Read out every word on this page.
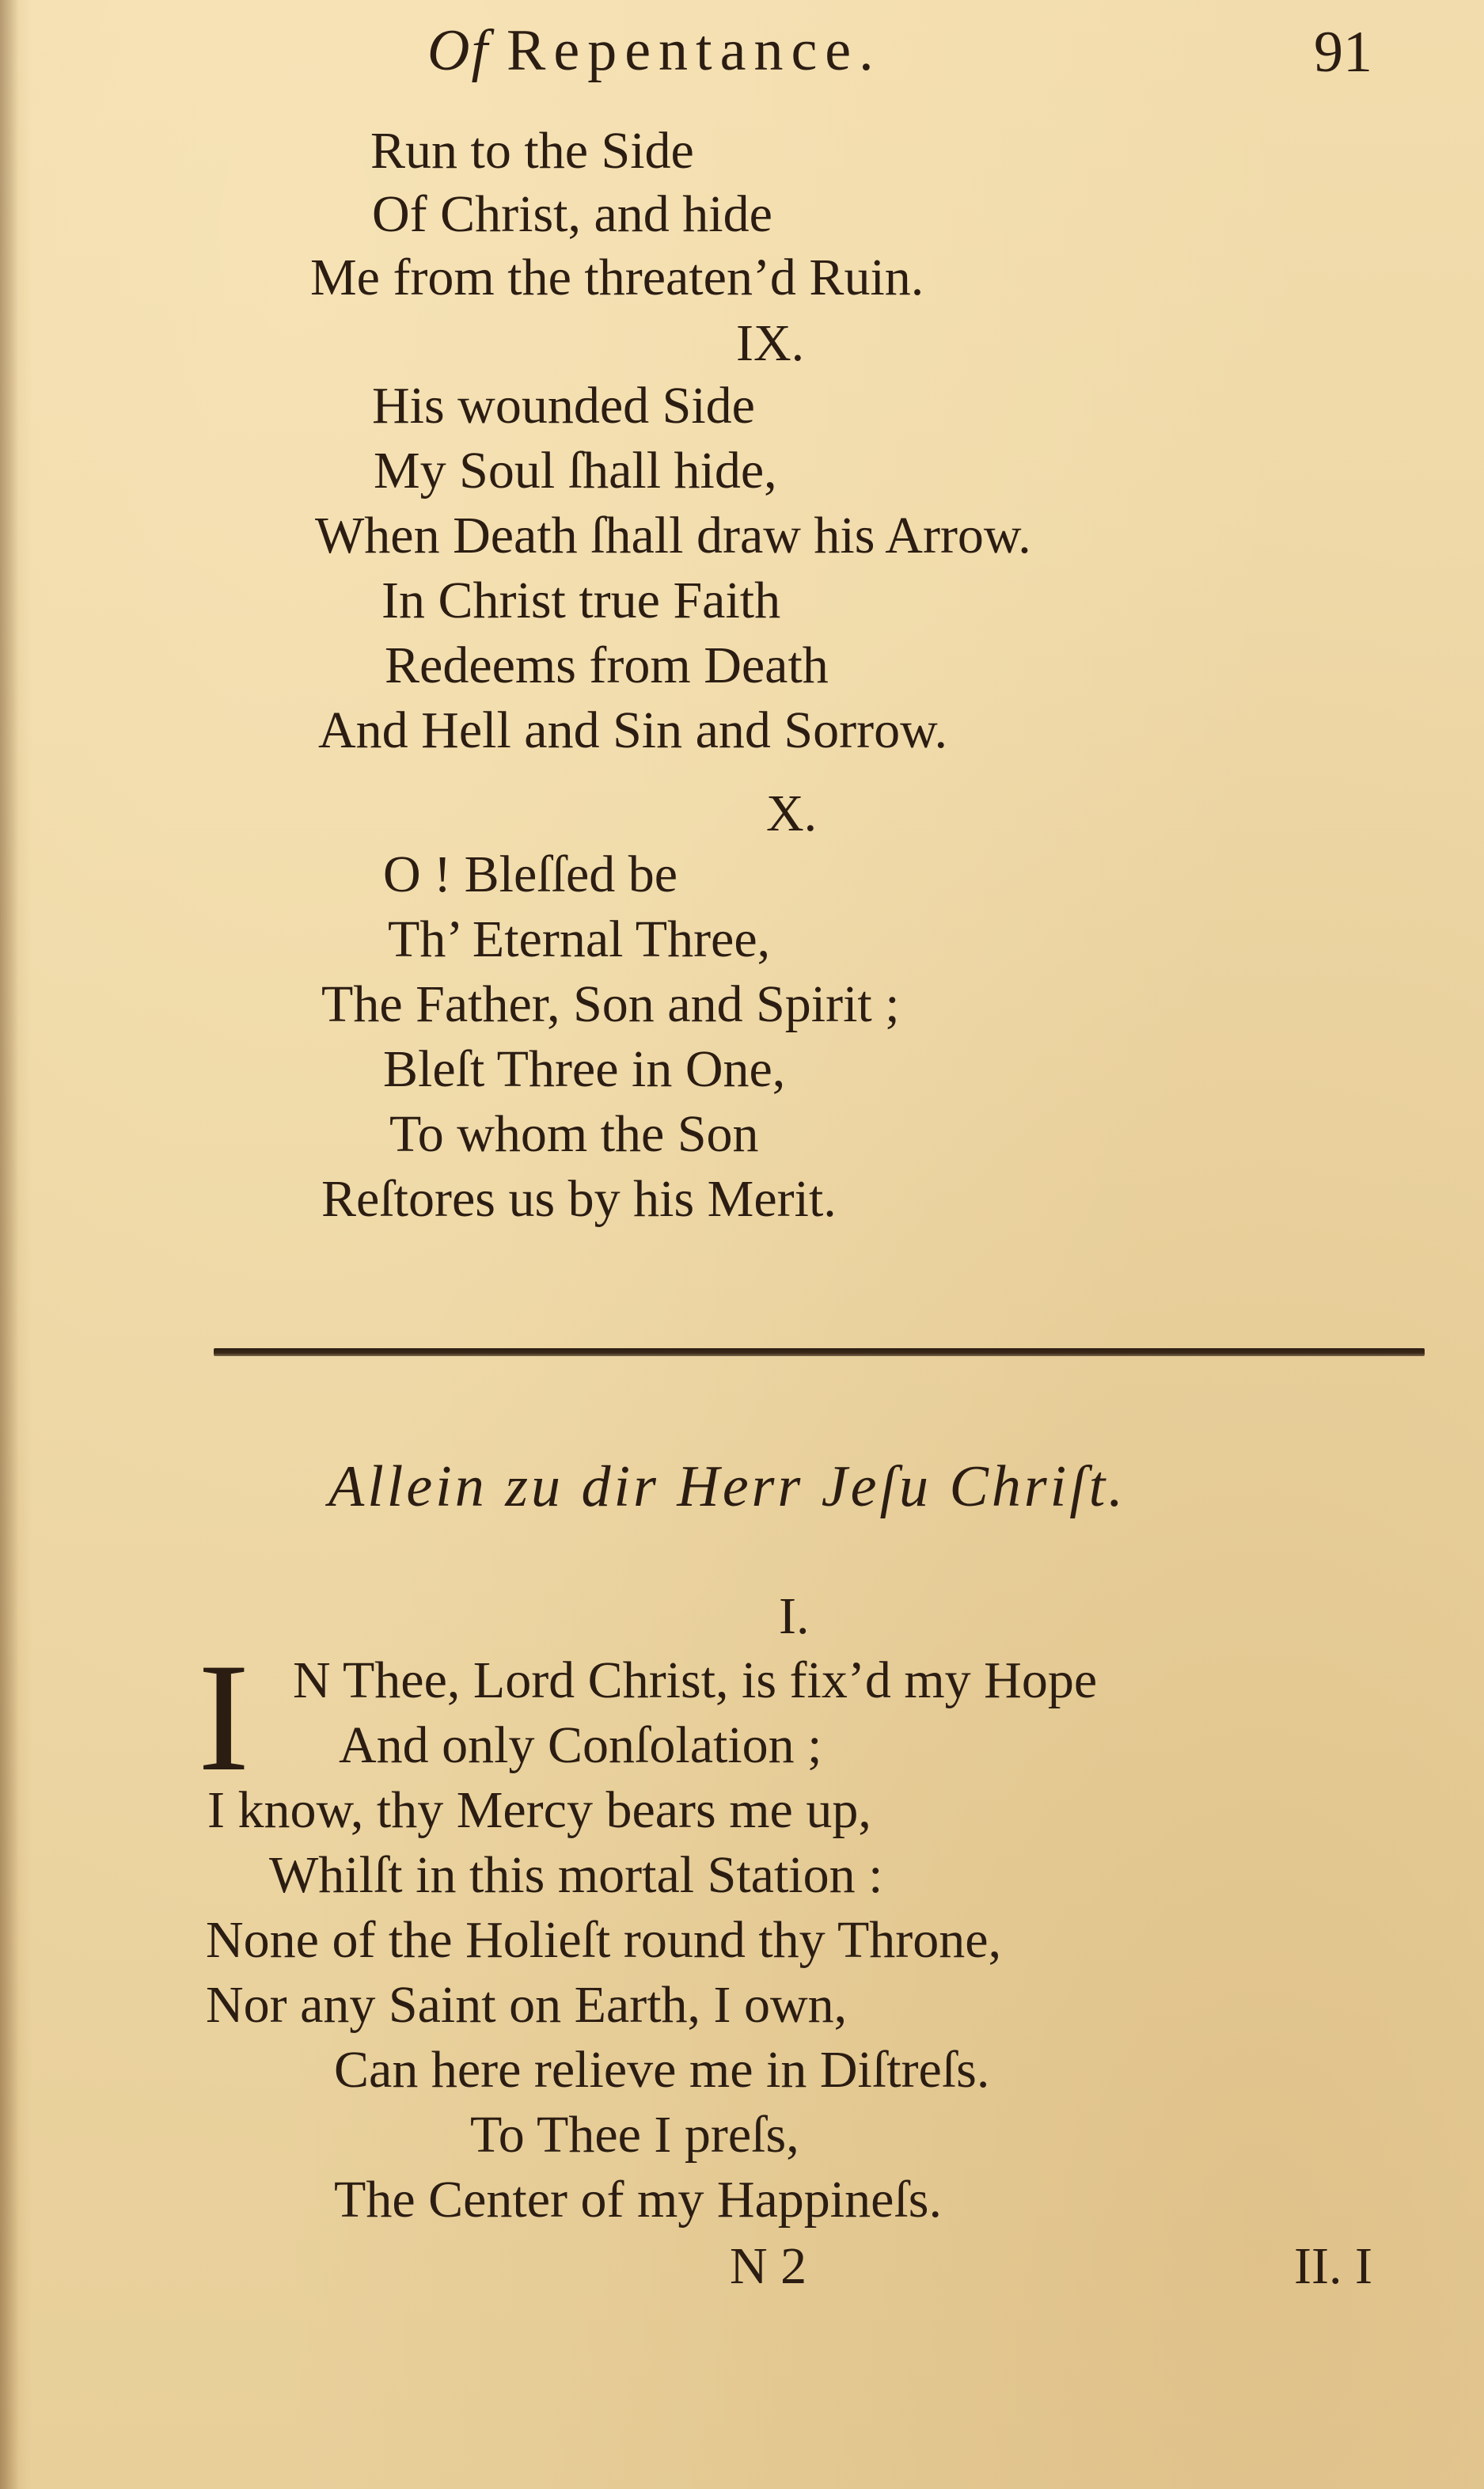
Of Repentance.	91
Run to the Side
Of Christ, and hide
Me from the threaten’d Ruin.
IX.
His wounded Side
My Soul ſhall hide,
When Death ſhall draw his Arrow.
In Christ true Faith
Redeems from Death
And Hell and Sin and Sorrow.
X.
O ! Bleſſed be
Th’ Eternal Three,
The Father, Son and Spirit ;
Bleſt Three in One,
To whom the Son
Reſtores us by his Merit.
Allein zu dir Herr Jeſu Chriſt.
I.
I N Thee, Lord Christ, is fix’d my Hope
And only Conſolation ;
I know, thy Mercy bears me up,
Whilſt in this mortal Station :
None of the Holieſt round thy Throne,
Nor any Saint on Earth, I own,
Can here relieve me in Diſtreſs.
To Thee I preſs,
The Center of my Happineſs.
N 2	II. I
